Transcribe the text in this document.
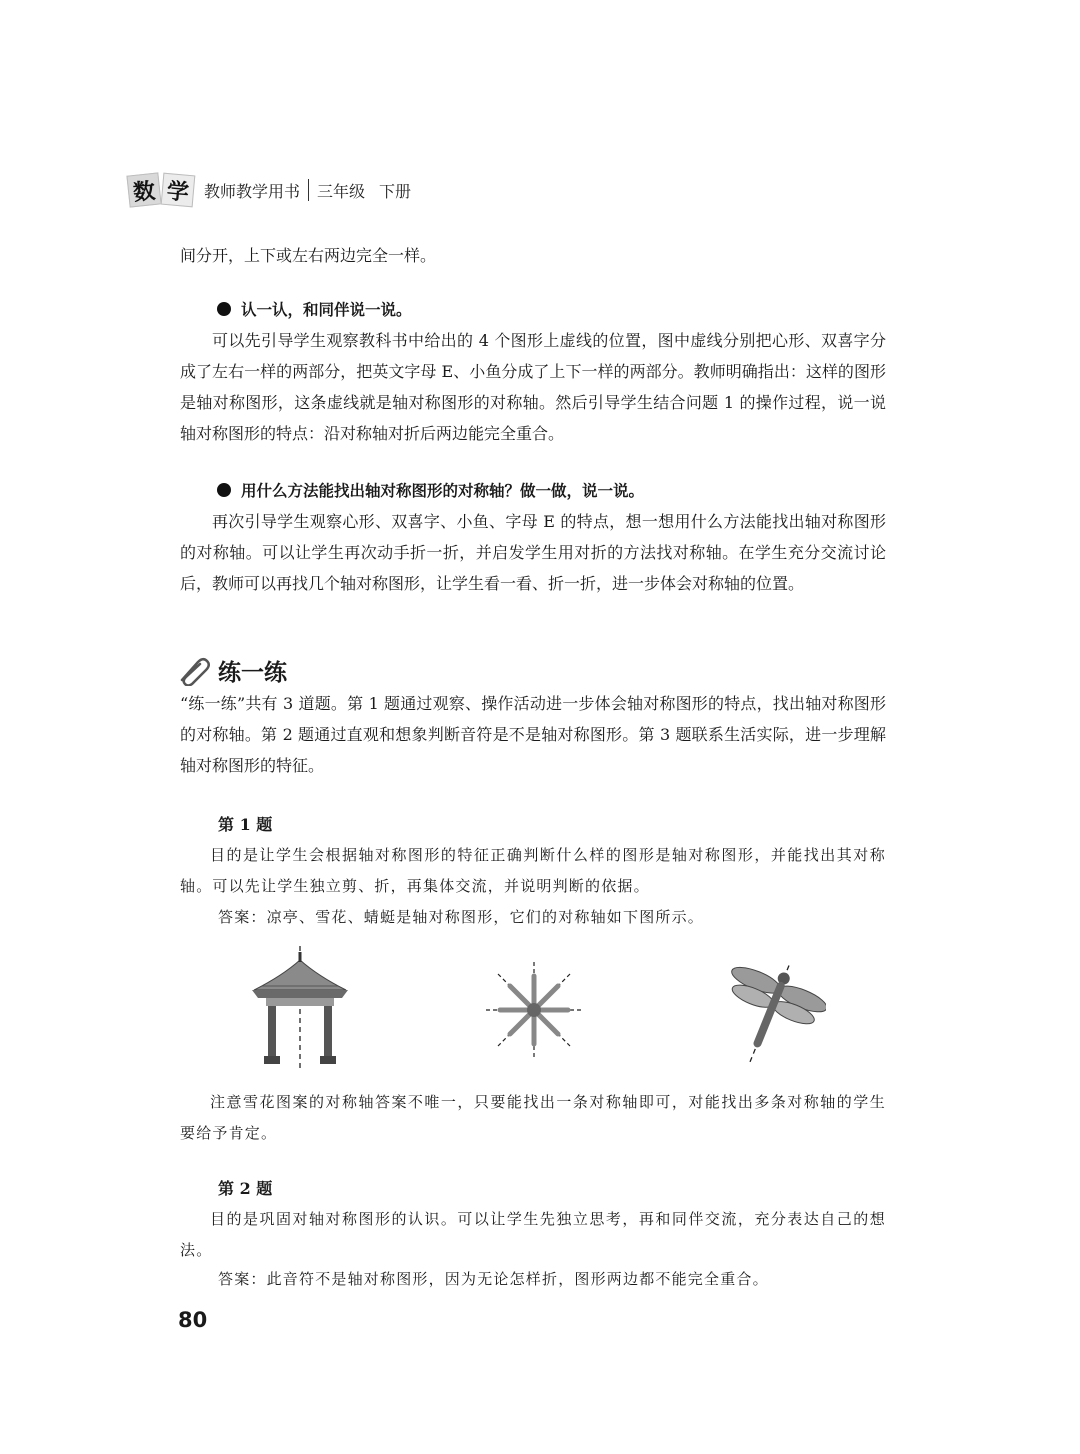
数 学 教师教学用书 三年级 下册
间分开，上下或左右两边完全一样。
认一认，和同伴说一说。
可以先引导学生观察教科书中给出的 4 个图形上虚线的位置，图中虚线分别把心形、双喜字分成了左右一样的两部分，把英文字母 E、小鱼分成了上下一样的两部分。教师明确指出：这样的图形是轴对称图形，这条虚线就是轴对称图形的对称轴。然后引导学生结合问题 1 的操作过程，说一说轴对称图形的特点：沿对称轴对折后两边能完全重合。
用什么方法能找出轴对称图形的对称轴？做一做，说一说。
再次引导学生观察心形、双喜字、小鱼、字母 E 的特点，想一想用什么方法能找出轴对称图形的对称轴。可以让学生再次动手折一折，并启发学生用对折的方法找对称轴。在学生充分交流讨论后，教师可以再找几个轴对称图形，让学生看一看、折一折，进一步体会对称轴的位置。
练一练
“练一练”共有 3 道题。第 1 题通过观察、操作活动进一步体会轴对称图形的特点，找出轴对称图形的对称轴。第 2 题通过直观和想象判断音符是不是轴对称图形。第 3 题联系生活实际，进一步理解轴对称图形的特征。
第 1 题
目的是让学生会根据轴对称图形的特征正确判断什么样的图形是轴对称图形，并能找出其对称轴。可以先让学生独立剪、折，再集体交流，并说明判断的依据。
答案：凉亭、雪花、蜻蜓是轴对称图形，它们的对称轴如下图所示。
注意雪花图案的对称轴答案不唯一，只要能找出一条对称轴即可，对能找出多条对称轴的学生要给予肯定。
第 2 题
目的是巩固对轴对称图形的认识。可以让学生先独立思考，再和同伴交流，充分表达自己的想法。
答案：此音符不是轴对称图形，因为无论怎样折，图形两边都不能完全重合。
80
